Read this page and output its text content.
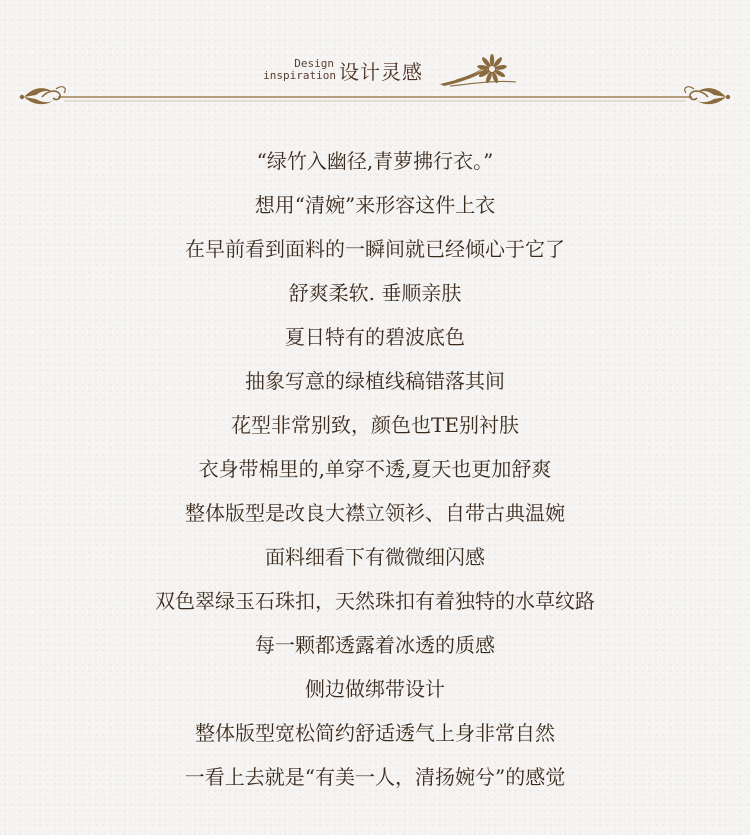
Design
inspiration 设计灵感
“绿竹入幽径,青萝拂行衣。”
想用“清婉”来形容这件上衣
在早前看到面料的一瞬间就已经倾心于它了
舒爽柔软. 垂顺亲肤
夏日特有的碧波底色
抽象写意的绿植线稿错落其间
花型非常别致，颜色也TE别衬肤
衣身带棉里的,单穿不透,夏天也更加舒爽
整体版型是改良大襟立领衫、自带古典温婉
面料细看下有微微细闪感
双色翠绿玉石珠扣，天然珠扣有着独特的水草纹路
每一颗都透露着冰透的质感
侧边做绑带设计
整体版型宽松简约舒适透气上身非常自然
一看上去就是“有美一人，清扬婉兮”的感觉
